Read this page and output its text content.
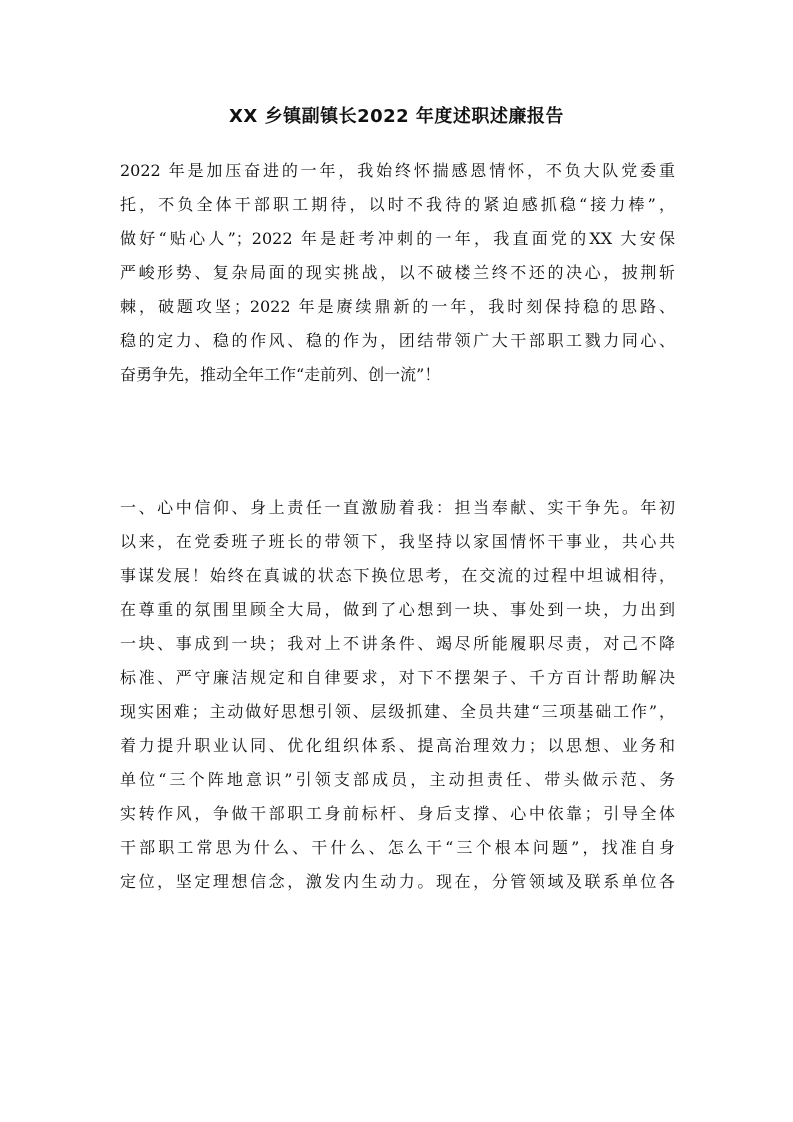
XX 乡镇副镇长2022 年度述职述廉报告
2022 年是加压奋进的一年，我始终怀揣感恩情怀，不负大队党委重
托，不负全体干部职工期待，以时不我待的紧迫感抓稳“接力棒”，
做好“贴心人”；2022 年是赶考冲刺的一年，我直面党的XX 大安保
严峻形势、复杂局面的现实挑战，以不破楼兰终不还的决心，披荆斩
棘，破题攻坚；2022 年是赓续鼎新的一年，我时刻保持稳的思路、
稳的定力、稳的作风、稳的作为，团结带领广大干部职工戮力同心、
奋勇争先，推动全年工作“走前列、创一流”！
一、心中信仰、身上责任一直激励着我：担当奉献、实干争先。年初
以来，在党委班子班长的带领下，我坚持以家国情怀干事业，共心共
事谋发展！始终在真诚的状态下换位思考，在交流的过程中坦诚相待，
在尊重的氛围里顾全大局，做到了心想到一块、事处到一块，力出到
一块、事成到一块；我对上不讲条件、竭尽所能履职尽责，对己不降
标准、严守廉洁规定和自律要求，对下不摆架子、千方百计帮助解决
现实困难；主动做好思想引领、层级抓建、全员共建“三项基础工作”，
着力提升职业认同、优化组织体系、提高治理效力；以思想、业务和
单位“三个阵地意识”引领支部成员，主动担责任、带头做示范、务
实转作风，争做干部职工身前标杆、身后支撑、心中依靠；引导全体
干部职工常思为什么、干什么、怎么干“三个根本问题”，找准自身
定位，坚定理想信念，激发内生动力。现在，分管领域及联系单位各
